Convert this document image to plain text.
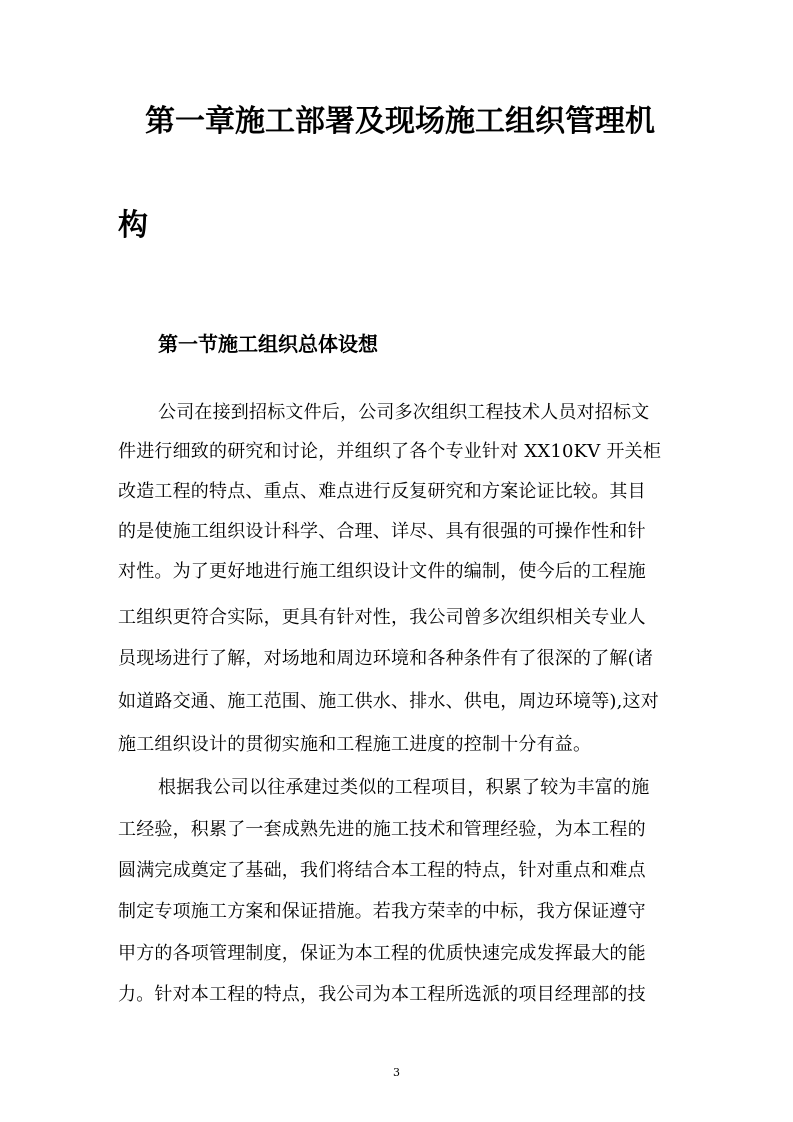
第一章施工部署及现场施工组织管理机
构
第一节施工组织总体设想

公司在接到招标文件后，公司多次组织工程技术人员对招标文

件进行细致的研究和讨论，并组织了各个专业针对 XX10KV 开关柜

改造工程的特点、重点、难点进行反复研究和方案论证比较。其目

的是使施工组织设计科学、合理、详尽、具有很强的可操作性和针

对性。为了更好地进行施工组织设计文件的编制，使今后的工程施

工组织更符合实际，更具有针对性，我公司曾多次组织相关专业人

员现场进行了解，对场地和周边环境和各种条件有了很深的了解(诸

如道路交通、施工范围、施工供水、排水、供电，周边环境等),这对

施工组织设计的贯彻实施和工程施工进度的控制十分有益。

根据我公司以往承建过类似的工程项目，积累了较为丰富的施

工经验，积累了一套成熟先进的施工技术和管理经验，为本工程的

圆满完成奠定了基础，我们将结合本工程的特点，针对重点和难点

制定专项施工方案和保证措施。若我方荣幸的中标，我方保证遵守

甲方的各项管理制度，保证为本工程的优质快速完成发挥最大的能

力。针对本工程的特点，我公司为本工程所选派的项目经理部的技

3
